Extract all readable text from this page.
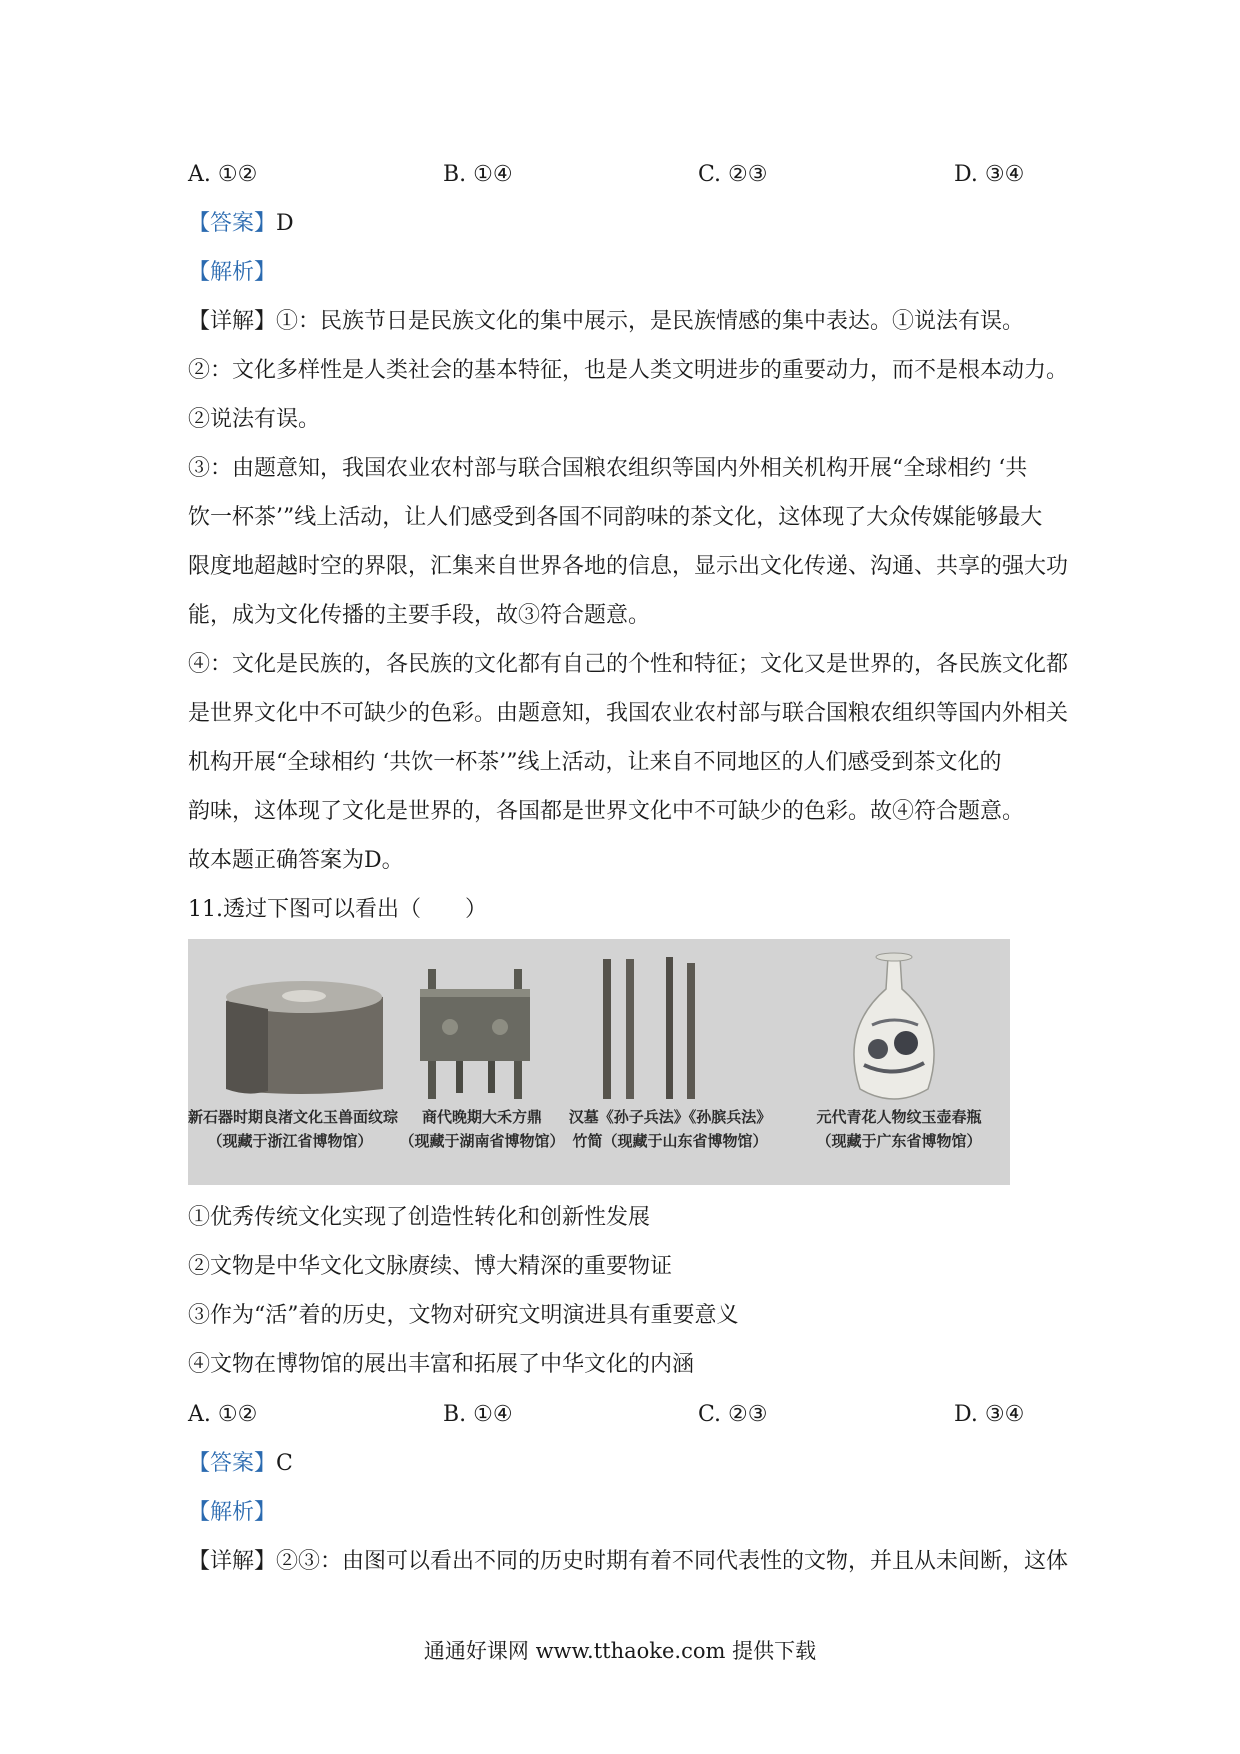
A. ①②	B. ①④	C. ②③	D. ③④
【答案】D
【解析】
【详解】①：民族节日是民族文化的集中展示，是民族情感的集中表达。①说法有误。
②：文化多样性是人类社会的基本特征，也是人类文明进步的重要动力，而不是根本动力。
②说法有误。
③：由题意知，我国农业农村部与联合国粮农组织等国内外相关机构开展“全球相约 ‘共
饮一杯茶’”线上活动，让人们感受到各国不同韵味的茶文化，这体现了大众传媒能够最大
限度地超越时空的界限，汇集来自世界各地的信息，显示出文化传递、沟通、共享的强大功
能，成为文化传播的主要手段，故③符合题意。
④：文化是民族的，各民族的文化都有自己的个性和特征；文化又是世界的，各民族文化都
是世界文化中不可缺少的色彩。由题意知，我国农业农村部与联合国粮农组织等国内外相关
机构开展“全球相约 ‘共饮一杯茶’”线上活动，让来自不同地区的人们感受到茶文化的
韵味，这体现了文化是世界的，各国都是世界文化中不可缺少的色彩。故④符合题意。
故本题正确答案为D。
11.透过下图可以看出（　　）
新石器时期良渚文化玉兽面纹琮
（现藏于浙江省博物馆）
商代晚期大禾方鼎
（现藏于湖南省博物馆）
汉墓《孙子兵法》《孙膑兵法》
竹简（现藏于山东省博物馆）
元代青花人物纹玉壶春瓶
（现藏于广东省博物馆）
①优秀传统文化实现了创造性转化和创新性发展
②文物是中华文化文脉赓续、博大精深的重要物证
③作为“活”着的历史，文物对研究文明演进具有重要意义
④文物在博物馆的展出丰富和拓展了中华文化的内涵
A. ①②	B. ①④	C. ②③	D. ③④
【答案】C
【解析】
【详解】②③：由图可以看出不同的历史时期有着不同代表性的文物，并且从未间断，这体
通通好课网 www.tthaoke.com 提供下载
